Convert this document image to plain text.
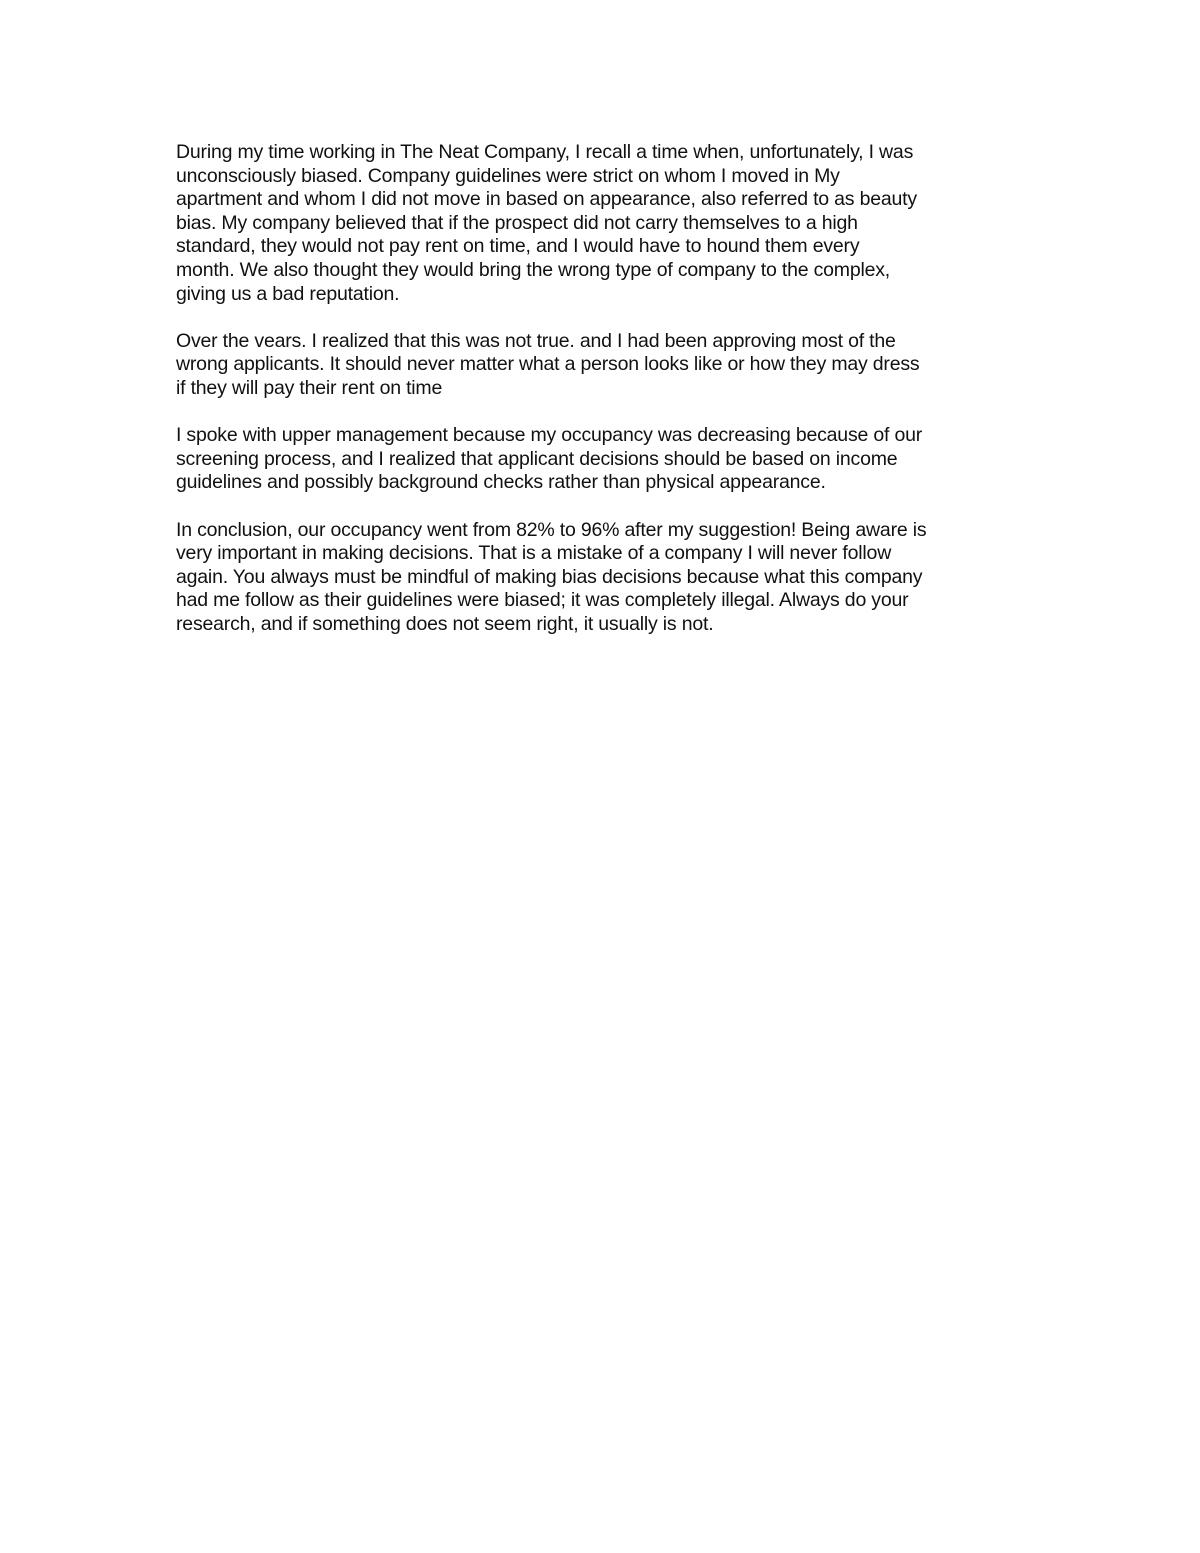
During my time working in The Neat Company, I recall a time when, unfortunately, I was
unconsciously biased. Company guidelines were strict on whom I moved in My
apartment and whom I did not move in based on appearance, also referred to as beauty
bias. My company believed that if the prospect did not carry themselves to a high
standard, they would not pay rent on time, and I would have to hound them every
month. We also thought they would bring the wrong type of company to the complex,
giving us a bad reputation.

Over the vears. I realized that this was not true. and I had been approving most of the
wrong applicants. It should never matter what a person looks like or how they may dress
if they will pay their rent on time

I spoke with upper management because my occupancy was decreasing because of our
screening process, and I realized that applicant decisions should be based on income
guidelines and possibly background checks rather than physical appearance.

In conclusion, our occupancy went from 82% to 96% after my suggestion! Being aware is
very important in making decisions. That is a mistake of a company I will never follow
again. You always must be mindful of making bias decisions because what this company
had me follow as their guidelines were biased; it was completely illegal. Always do your
research, and if something does not seem right, it usually is not.
